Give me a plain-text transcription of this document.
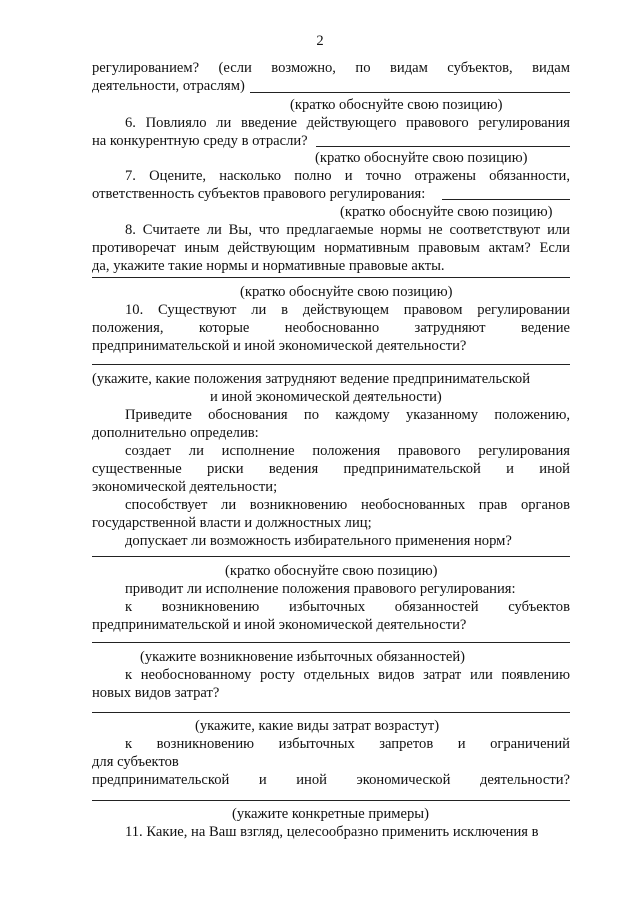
2
регулированием? (если возможно, по видам субъектов, видам
деятельности, отраслям)
(кратко обоснуйте свою позицию)
6. Повлияло ли введение действующего правового регулирования
на конкурентную среду в отрасли?
(кратко обоснуйте свою позицию)
7. Оцените, насколько полно и точно отражены обязанности,
ответственность субъектов правового регулирования:
(кратко обоснуйте свою позицию)
8. Считаете ли Вы, что предлагаемые нормы не соответствуют или
противоречат иным действующим нормативным правовым актам? Если
да, укажите такие нормы и нормативные правовые акты.
(кратко обоснуйте свою позицию)
10. Существуют ли в действующем правовом регулировании
положения, которые необоснованно затрудняют ведение
предпринимательской и иной экономической деятельности?
(укажите, какие положения затрудняют ведение предпринимательской
и иной экономической деятельности)
Приведите обоснования по каждому указанному положению,
дополнительно определив:
создает ли исполнение положения правового регулирования
существенные риски ведения предпринимательской и иной
экономической деятельности;
способствует ли возникновению необоснованных прав органов
государственной власти и должностных лиц;
допускает ли возможность избирательного применения норм?
(кратко обоснуйте свою позицию)
приводит ли исполнение положения правового регулирования:
к возникновению избыточных обязанностей субъектов
предпринимательской и иной экономической деятельности?
(укажите возникновение избыточных обязанностей)
к необоснованному росту отдельных видов затрат или появлению
новых видов затрат?
(укажите, какие виды затрат возрастут)
к возникновению избыточных запретов и ограничений
для субъектов
предпринимательской и иной экономической деятельности?
(укажите конкретные примеры)
11. Какие, на Ваш взгляд, целесообразно применить исключения в
